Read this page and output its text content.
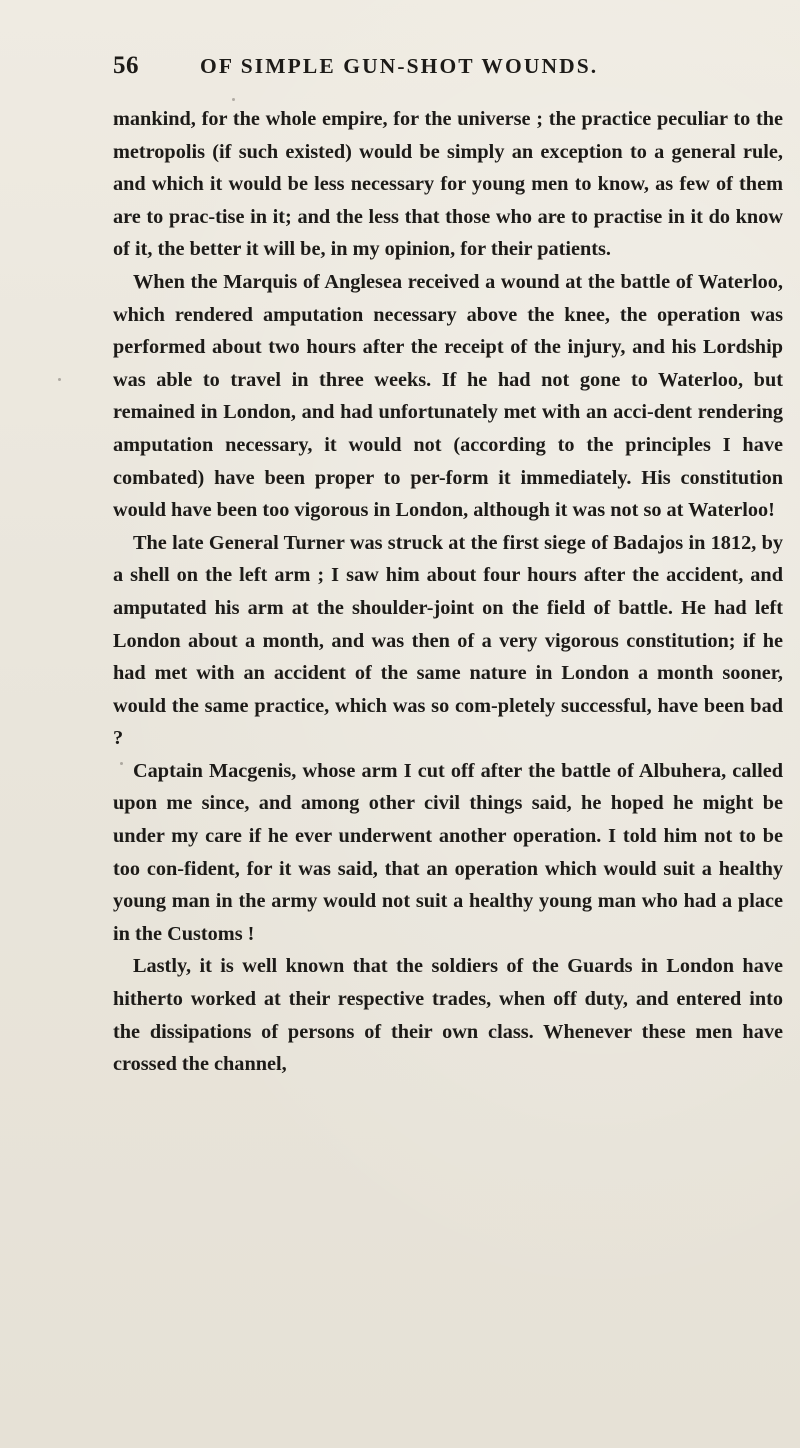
56	OF SIMPLE GUN-SHOT WOUNDS.

mankind, for the whole empire, for the universe ; the practice peculiar to the metropolis (if such existed) would be simply an exception to a general rule, and which it would be less necessary for young men to know, as few of them are to prac-tise in it; and the less that those who are to practise in it do know of it, the better it will be, in my opinion, for their patients.

When the Marquis of Anglesea received a wound at the battle of Waterloo, which rendered amputation necessary above the knee, the operation was performed about two hours after the receipt of the injury, and his Lordship was able to travel in three weeks. If he had not gone to Waterloo, but remained in London, and had unfortunately met with an acci-dent rendering amputation necessary, it would not (according to the principles I have combated) have been proper to per-form it immediately. His constitution would have been too vigorous in London, although it was not so at Waterloo!

The late General Turner was struck at the first siege of Badajos in 1812, by a shell on the left arm ; I saw him about four hours after the accident, and amputated his arm at the shoulder-joint on the field of battle. He had left London about a month, and was then of a very vigorous constitution; if he had met with an accident of the same nature in London a month sooner, would the same practice, which was so com-pletely successful, have been bad ?

Captain Macgenis, whose arm I cut off after the battle of Albuhera, called upon me since, and among other civil things said, he hoped he might be under my care if he ever underwent another operation. I told him not to be too con-fident, for it was said, that an operation which would suit a healthy young man in the army would not suit a healthy young man who had a place in the Customs !

Lastly, it is well known that the soldiers of the Guards in London have hitherto worked at their respective trades, when off duty, and entered into the dissipations of persons of their own class. Whenever these men have crossed the channel,
